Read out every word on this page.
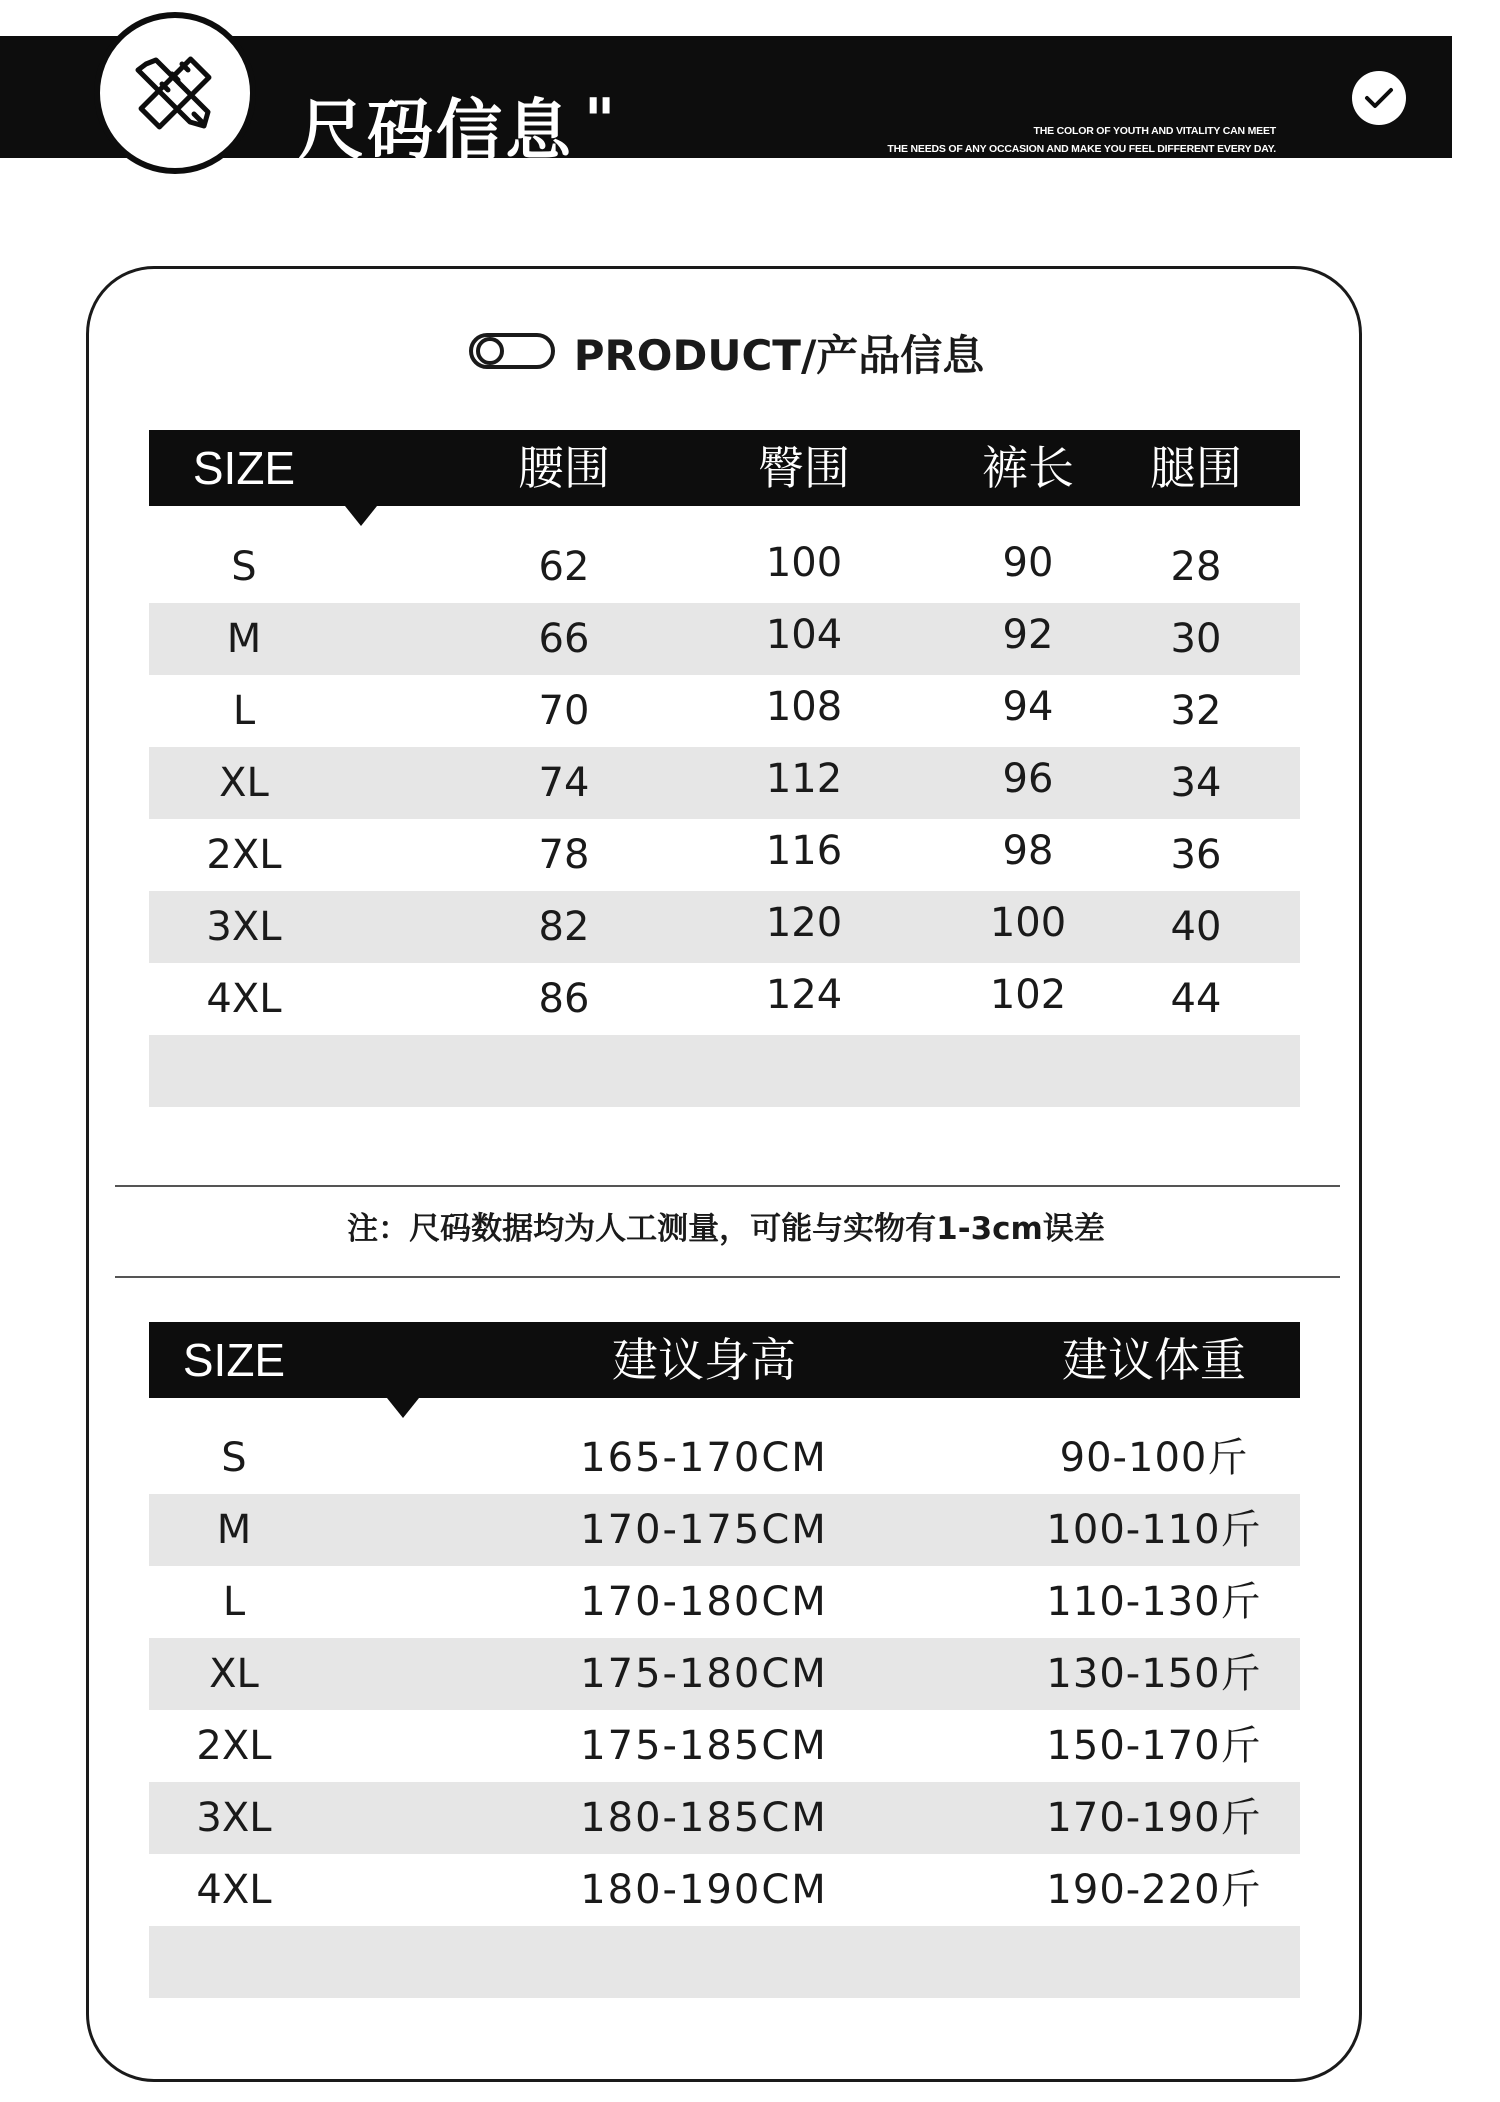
尺码信息 "	THE COLOR OF YOUTH AND VITALITY CAN MEET
THE NEEDS OF ANY OCCASION AND MAKE YOU FEEL DIFFERENT EVERY DAY.
PRODUCT/产品信息
SIZE	腰围	臀围	裤长	腿围
S	62	100	90	28
M	66	104	92	30
L	70	108	94	32
XL	74	112	96	34
2XL	78	116	98	36
3XL	82	120	100	40
4XL	86	124	102	44
注：尺码数据均为人工测量，可能与实物有1-3cm误差
SIZE	建议身高	建议体重
S	165-170CM	90-100斤
M	170-175CM	100-110斤
L	170-180CM	110-130斤
XL	175-180CM	130-150斤
2XL	175-185CM	150-170斤
3XL	180-185CM	170-190斤
4XL	180-190CM	190-220斤
